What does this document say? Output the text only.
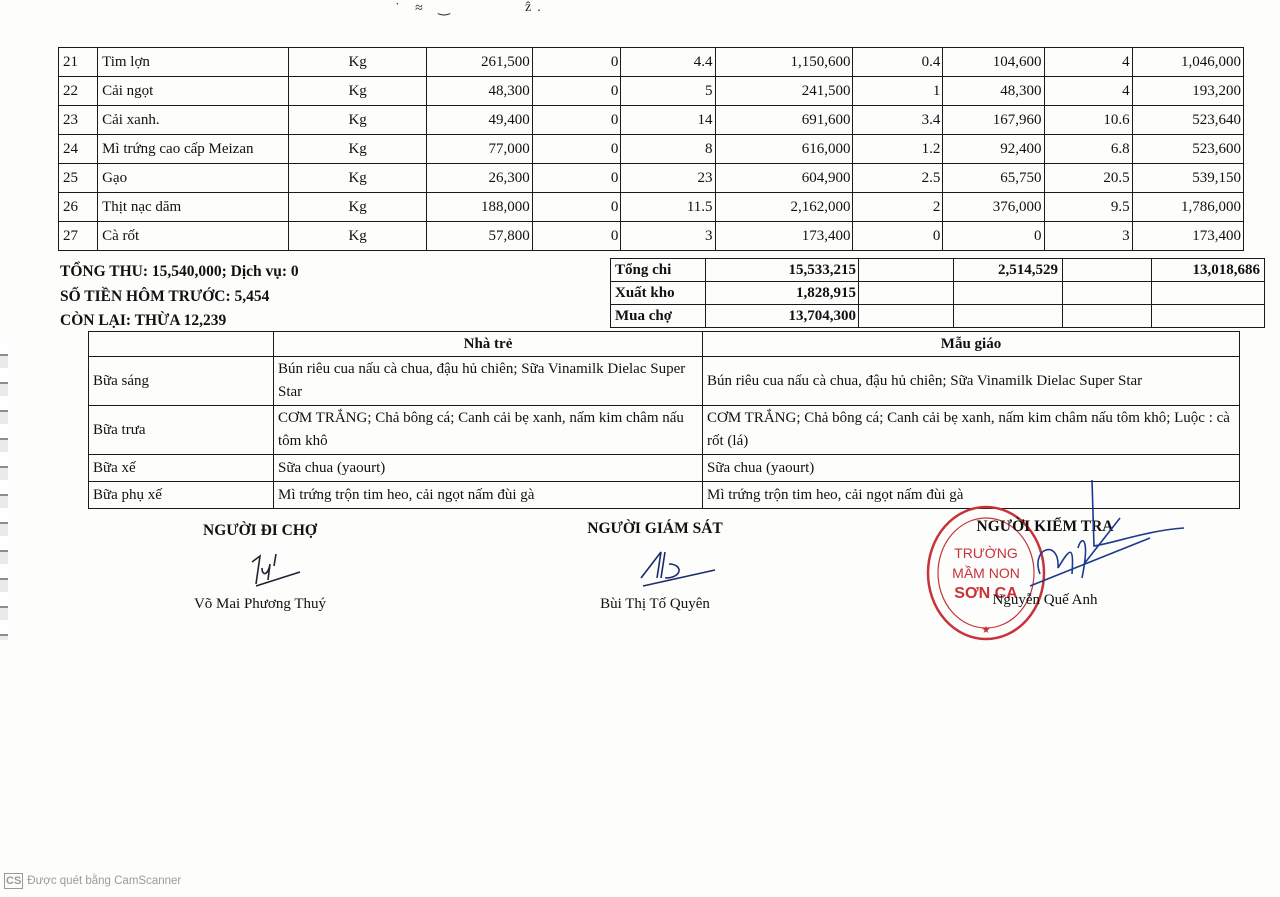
˙ ≈ ‿	ẑ.
21	Tim lợn	Kg	261,500	0	4.4	1,150,600	0.4	104,600	4	1,046,000
22	Cải ngọt	Kg	48,300	0	5	241,500	1	48,300	4	193,200
23	Cải xanh.	Kg	49,400	0	14	691,600	3.4	167,960	10.6	523,640
24	Mì trứng cao cấp Meizan	Kg	77,000	0	8	616,000	1.2	92,400	6.8	523,600
25	Gạo	Kg	26,300	0	23	604,900	2.5	65,750	20.5	539,150
26	Thịt nạc dăm	Kg	188,000	0	11.5	2,162,000	2	376,000	9.5	1,786,000
27	Cà rốt	Kg	57,800	0	3	173,400	0	0	3	173,400
TỔNG THU: 15,540,000; Dịch vụ: 0
SỐ TIỀN HÔM TRƯỚC: 5,454
CÒN LẠI: THỪA 12,239
Tổng chi	15,533,215		2,514,529		13,018,686
Xuất kho	1,828,915				
Mua chợ	13,704,300				
	Nhà trẻ	Mẫu giáo
Bữa sáng	Bún riêu cua nấu cà chua, đậu hủ chiên; Sữa Vinamilk Dielac Super Star	Bún riêu cua nấu cà chua, đậu hủ chiên; Sữa Vinamilk Dielac Super Star
Bữa trưa	CƠM TRẮNG; Chả bông cá; Canh cải bẹ xanh, nấm kim châm nấu tôm khô	CƠM TRẮNG; Chả bông cá; Canh cải bẹ xanh, nấm kim châm nấu tôm khô; Luộc : cà rốt (lá)
Bữa xế	Sữa chua (yaourt)	Sữa chua (yaourt)
Bữa phụ xế	Mì trứng trộn tim heo, cải ngọt nấm đùi gà	Mì trứng trộn tim heo, cải ngọt nấm đùi gà
NGƯỜI ĐI CHỢ
Võ Mai Phương Thuý
NGƯỜI GIÁM SÁT
Bùi Thị Tố Quyên
TRƯỜNG
MẦM NON
SƠN CA
★
NGƯỜI KIỂM TRA
Nguyễn Quế Anh
CS Được quét bằng CamScanner
